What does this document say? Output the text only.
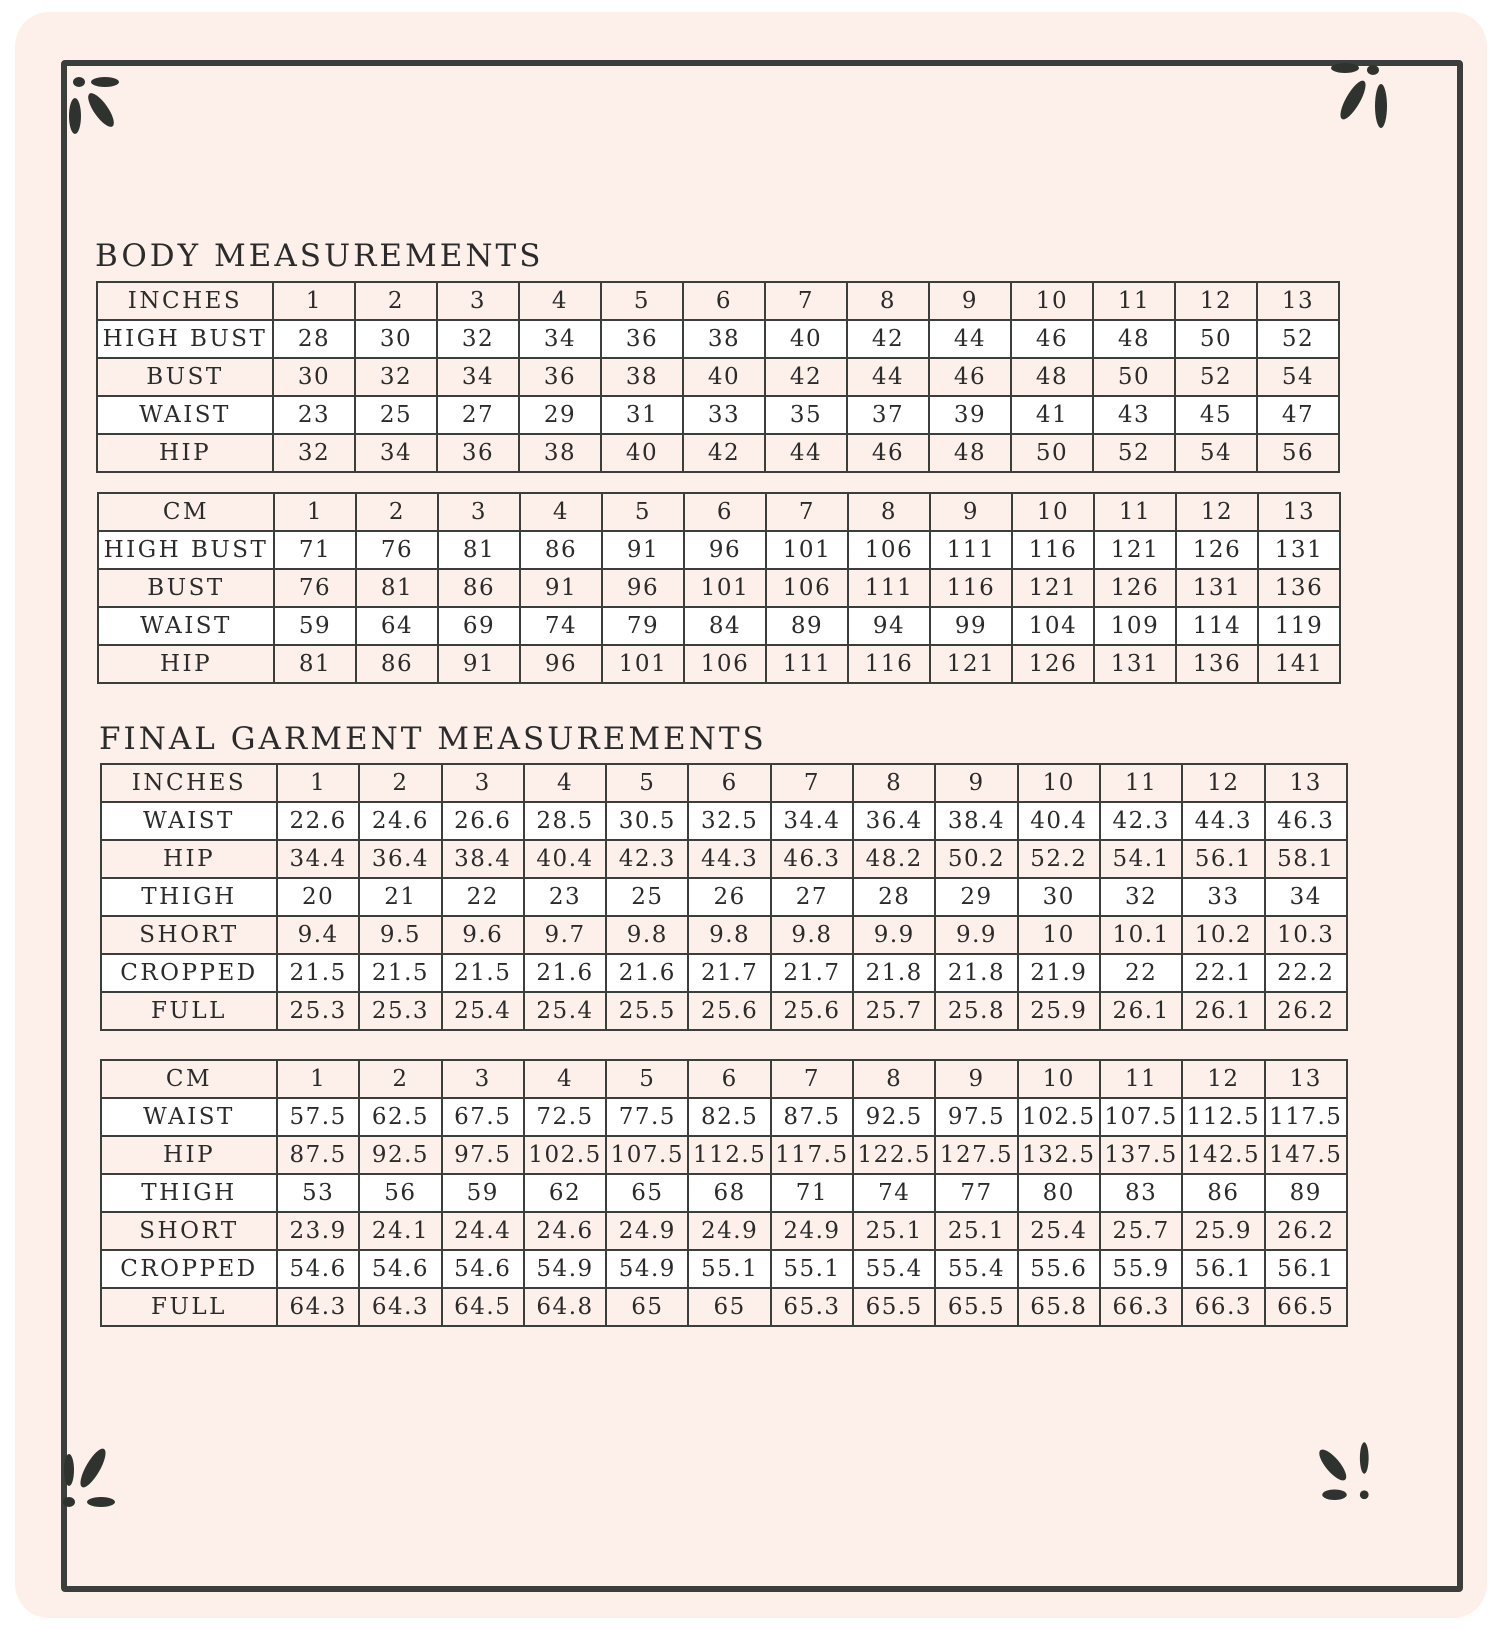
BODY MEASUREMENTS
INCHES	1	2	3	4	5	6	7	8	9	10	11	12	13
HIGH BUST	28	30	32	34	36	38	40	42	44	46	48	50	52
BUST	30	32	34	36	38	40	42	44	46	48	50	52	54
WAIST	23	25	27	29	31	33	35	37	39	41	43	45	47
HIP	32	34	36	38	40	42	44	46	48	50	52	54	56
CM	1	2	3	4	5	6	7	8	9	10	11	12	13
HIGH BUST	71	76	81	86	91	96	101	106	111	116	121	126	131
BUST	76	81	86	91	96	101	106	111	116	121	126	131	136
WAIST	59	64	69	74	79	84	89	94	99	104	109	114	119
HIP	81	86	91	96	101	106	111	116	121	126	131	136	141
FINAL GARMENT MEASUREMENTS
INCHES	1	2	3	4	5	6	7	8	9	10	11	12	13
WAIST	22.6	24.6	26.6	28.5	30.5	32.5	34.4	36.4	38.4	40.4	42.3	44.3	46.3
HIP	34.4	36.4	38.4	40.4	42.3	44.3	46.3	48.2	50.2	52.2	54.1	56.1	58.1
THIGH	20	21	22	23	25	26	27	28	29	30	32	33	34
SHORT	9.4	9.5	9.6	9.7	9.8	9.8	9.8	9.9	9.9	10	10.1	10.2	10.3
CROPPED	21.5	21.5	21.5	21.6	21.6	21.7	21.7	21.8	21.8	21.9	22	22.1	22.2
FULL	25.3	25.3	25.4	25.4	25.5	25.6	25.6	25.7	25.8	25.9	26.1	26.1	26.2
CM	1	2	3	4	5	6	7	8	9	10	11	12	13
WAIST	57.5	62.5	67.5	72.5	77.5	82.5	87.5	92.5	97.5	102.5	107.5	112.5	117.5
HIP	87.5	92.5	97.5	102.5	107.5	112.5	117.5	122.5	127.5	132.5	137.5	142.5	147.5
THIGH	53	56	59	62	65	68	71	74	77	80	83	86	89
SHORT	23.9	24.1	24.4	24.6	24.9	24.9	24.9	25.1	25.1	25.4	25.7	25.9	26.2
CROPPED	54.6	54.6	54.6	54.9	54.9	55.1	55.1	55.4	55.4	55.6	55.9	56.1	56.1
FULL	64.3	64.3	64.5	64.8	65	65	65.3	65.5	65.5	65.8	66.3	66.3	66.5
